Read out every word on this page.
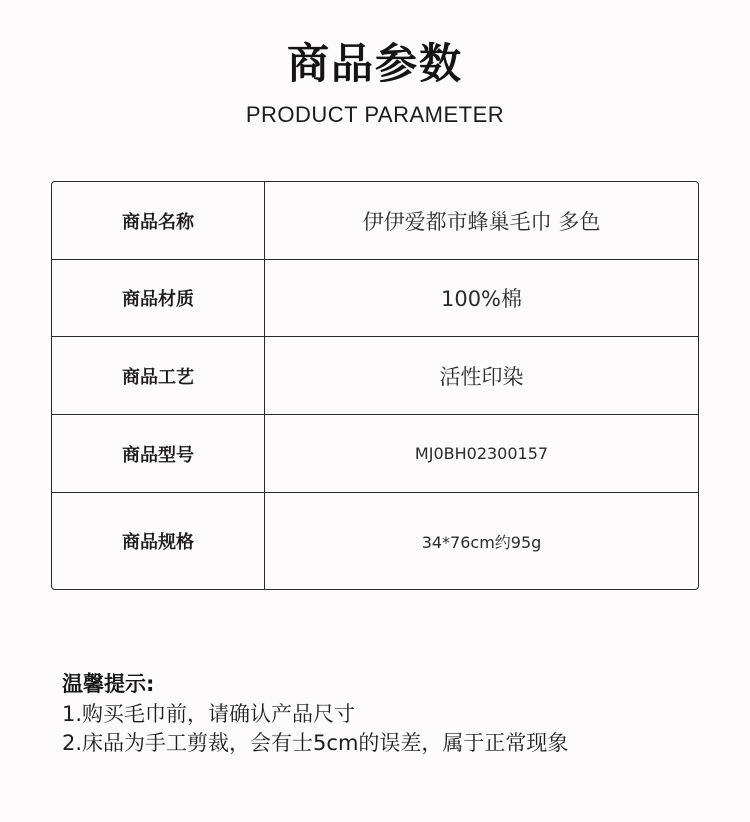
商品参数
PRODUCT PARAMETER
商品名称	伊伊爱都市蜂巢毛巾 多色
商品材质	100%棉
商品工艺	活性印染
商品型号	MJ0BH02300157
商品规格	34*76cm约95g
温馨提示:
1.购买毛巾前，请确认产品尺寸
2.床品为手工剪裁，会有士5cm的误差，属于正常现象
